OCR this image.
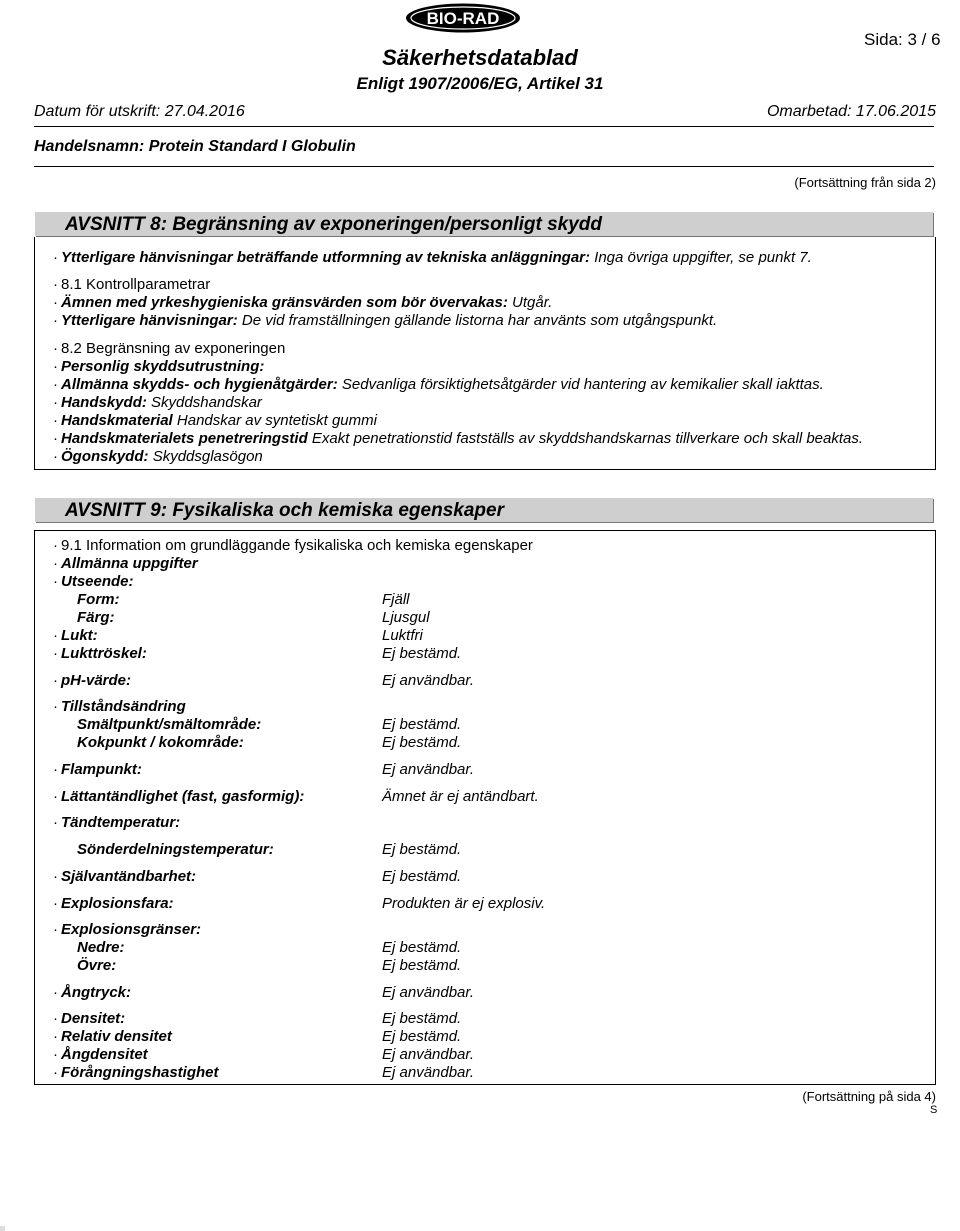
BIO-RAD
Sida: 3 / 6
Säkerhetsdatablad
Enligt 1907/2006/EG, Artikel 31
Datum för utskrift: 27.04.2016	Omarbetad: 17.06.2015
Handelsnamn: Protein Standard I Globulin
(Fortsättning från sida 2)
AVSNITT 8: Begränsning av exponeringen/personligt skydd
· Ytterligare hänvisningar beträffande utformning av tekniska anläggningar: Inga övriga uppgifter, se punkt 7.
· 8.1 Kontrollparametrar
· Ämnen med yrkeshygieniska gränsvärden som bör övervakas: Utgår.
· Ytterligare hänvisningar: De vid framställningen gällande listorna har använts som utgångspunkt.
· 8.2 Begränsning av exponeringen
· Personlig skyddsutrustning:
· Allmänna skydds- och hygienåtgärder: Sedvanliga försiktighetsåtgärder vid hantering av kemikalier skall iakttas.
· Handskydd: Skyddshandskar
· Handskmaterial Handskar av syntetiskt gummi
· Handskmaterialets penetreringstid Exakt penetrationstid fastställs av skyddshandskarnas tillverkare och skall beaktas.
· Ögonskydd: Skyddsglasögon
AVSNITT 9: Fysikaliska och kemiska egenskaper
· 9.1 Information om grundläggande fysikaliska och kemiska egenskaper
· Allmänna uppgifter
· Utseende:
Form:	Fjäll
Färg:	Ljusgul
· Lukt:	Luktfri
· Lukttröskel:	Ej bestämd.
· pH-värde:	Ej användbar.
· Tillståndsändring
Smältpunkt/smältområde:	Ej bestämd.
Kokpunkt / kokområde:	Ej bestämd.
· Flampunkt:	Ej användbar.
· Lättantändlighet (fast, gasformig):	Ämnet är ej antändbart.
· Tändtemperatur:
Sönderdelningstemperatur:	Ej bestämd.
· Självantändbarhet:	Ej bestämd.
· Explosionsfara:	Produkten är ej explosiv.
· Explosionsgränser:
Nedre:	Ej bestämd.
Övre:	Ej bestämd.
· Ångtryck:	Ej användbar.
· Densitet:	Ej bestämd.
· Relativ densitet	Ej bestämd.
· Ångdensitet	Ej användbar.
· Förångningshastighet	Ej användbar.
(Fortsättning på sida 4)
S
